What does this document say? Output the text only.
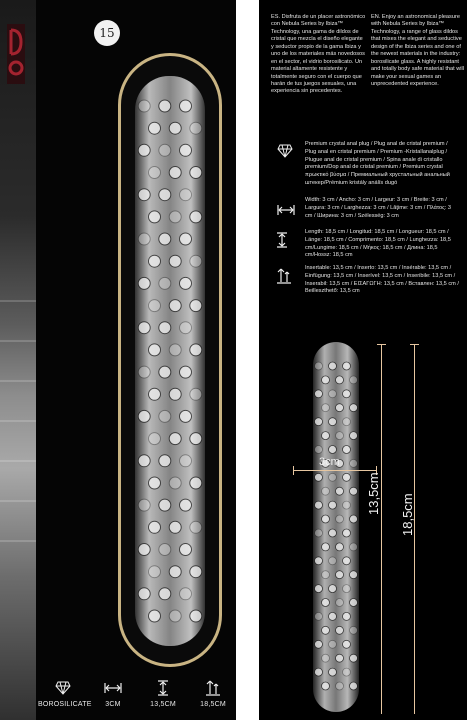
15
BOROSILICATE	3CM	13,5CM	18,5CM
ES. Disfruta de un placer astronómico con Nebula Series by Ibiza™ Technology, una gama de dildos de cristal que mezcla el diseño elegante y seductor propio de la gama Ibiza y uno de los materiales más novedosos en el sector, el vidrio borosilicato. Un material altamente resistente y totalmente seguro con el cuerpo que harán de tus juegos sexuales, una experiencia sin precedentes.
EN. Enjoy an astronomical pleasure with Nebula Series by Ibiza™ Technology, a range of glass dildos that mixes the elegant and seductive design of the Ibiza series and one of the newest materials in the industry: borosilicate glass. A highly resistant and totally body safe material that will make your sexual games an unprecedented experience.
Premium crystal anal plug / Plug anal de cristal premium / Plug anal en cristal premium / Premium -Kristallanalplug / Plugue anal de cristal premium / Spina anale di cristallo premium/Dop anal de cristal premium / Premium crystal πρωκτικό βύσμα / Премиальный хрустальный анальный штекер/Prémium kristály análís dugó
Width: 3 cm / Ancho: 3 cm / Largeur: 3 cm / Breite: 3 cm / Largura: 3 cm / Larghezza: 3 cm / Lăţime: 3 cm / Πλάτος: 3 cm / Ширина: 3 cm / Szélesség: 3 cm
Length: 18,5 cm / Longitud: 18,5 cm / Longueur: 18,5 cm / Länge: 18,5 cm / Comprimento: 18,5 cm / Lunghezza: 18,5 cm/Lungime: 18,5 cm / Μήκος: 18,5 cm / Длина: 18,5 cm/Hossz: 18,5 cm
Insertable: 13,5 cm / Inserto: 13,5 cm / Insérable: 13,5 cm / Einfügung: 13,5 cm / Inserível: 13,5 cm / Inseribile: 13,5 cm / Inserabil: 13,5 cm / ΕΙΣΑΓΩΓΗ: 13,5 cm / Вставлен: 13,5 cm / Beilleszthető: 13,5 cm
3cm
13,5cm 18,5cm
